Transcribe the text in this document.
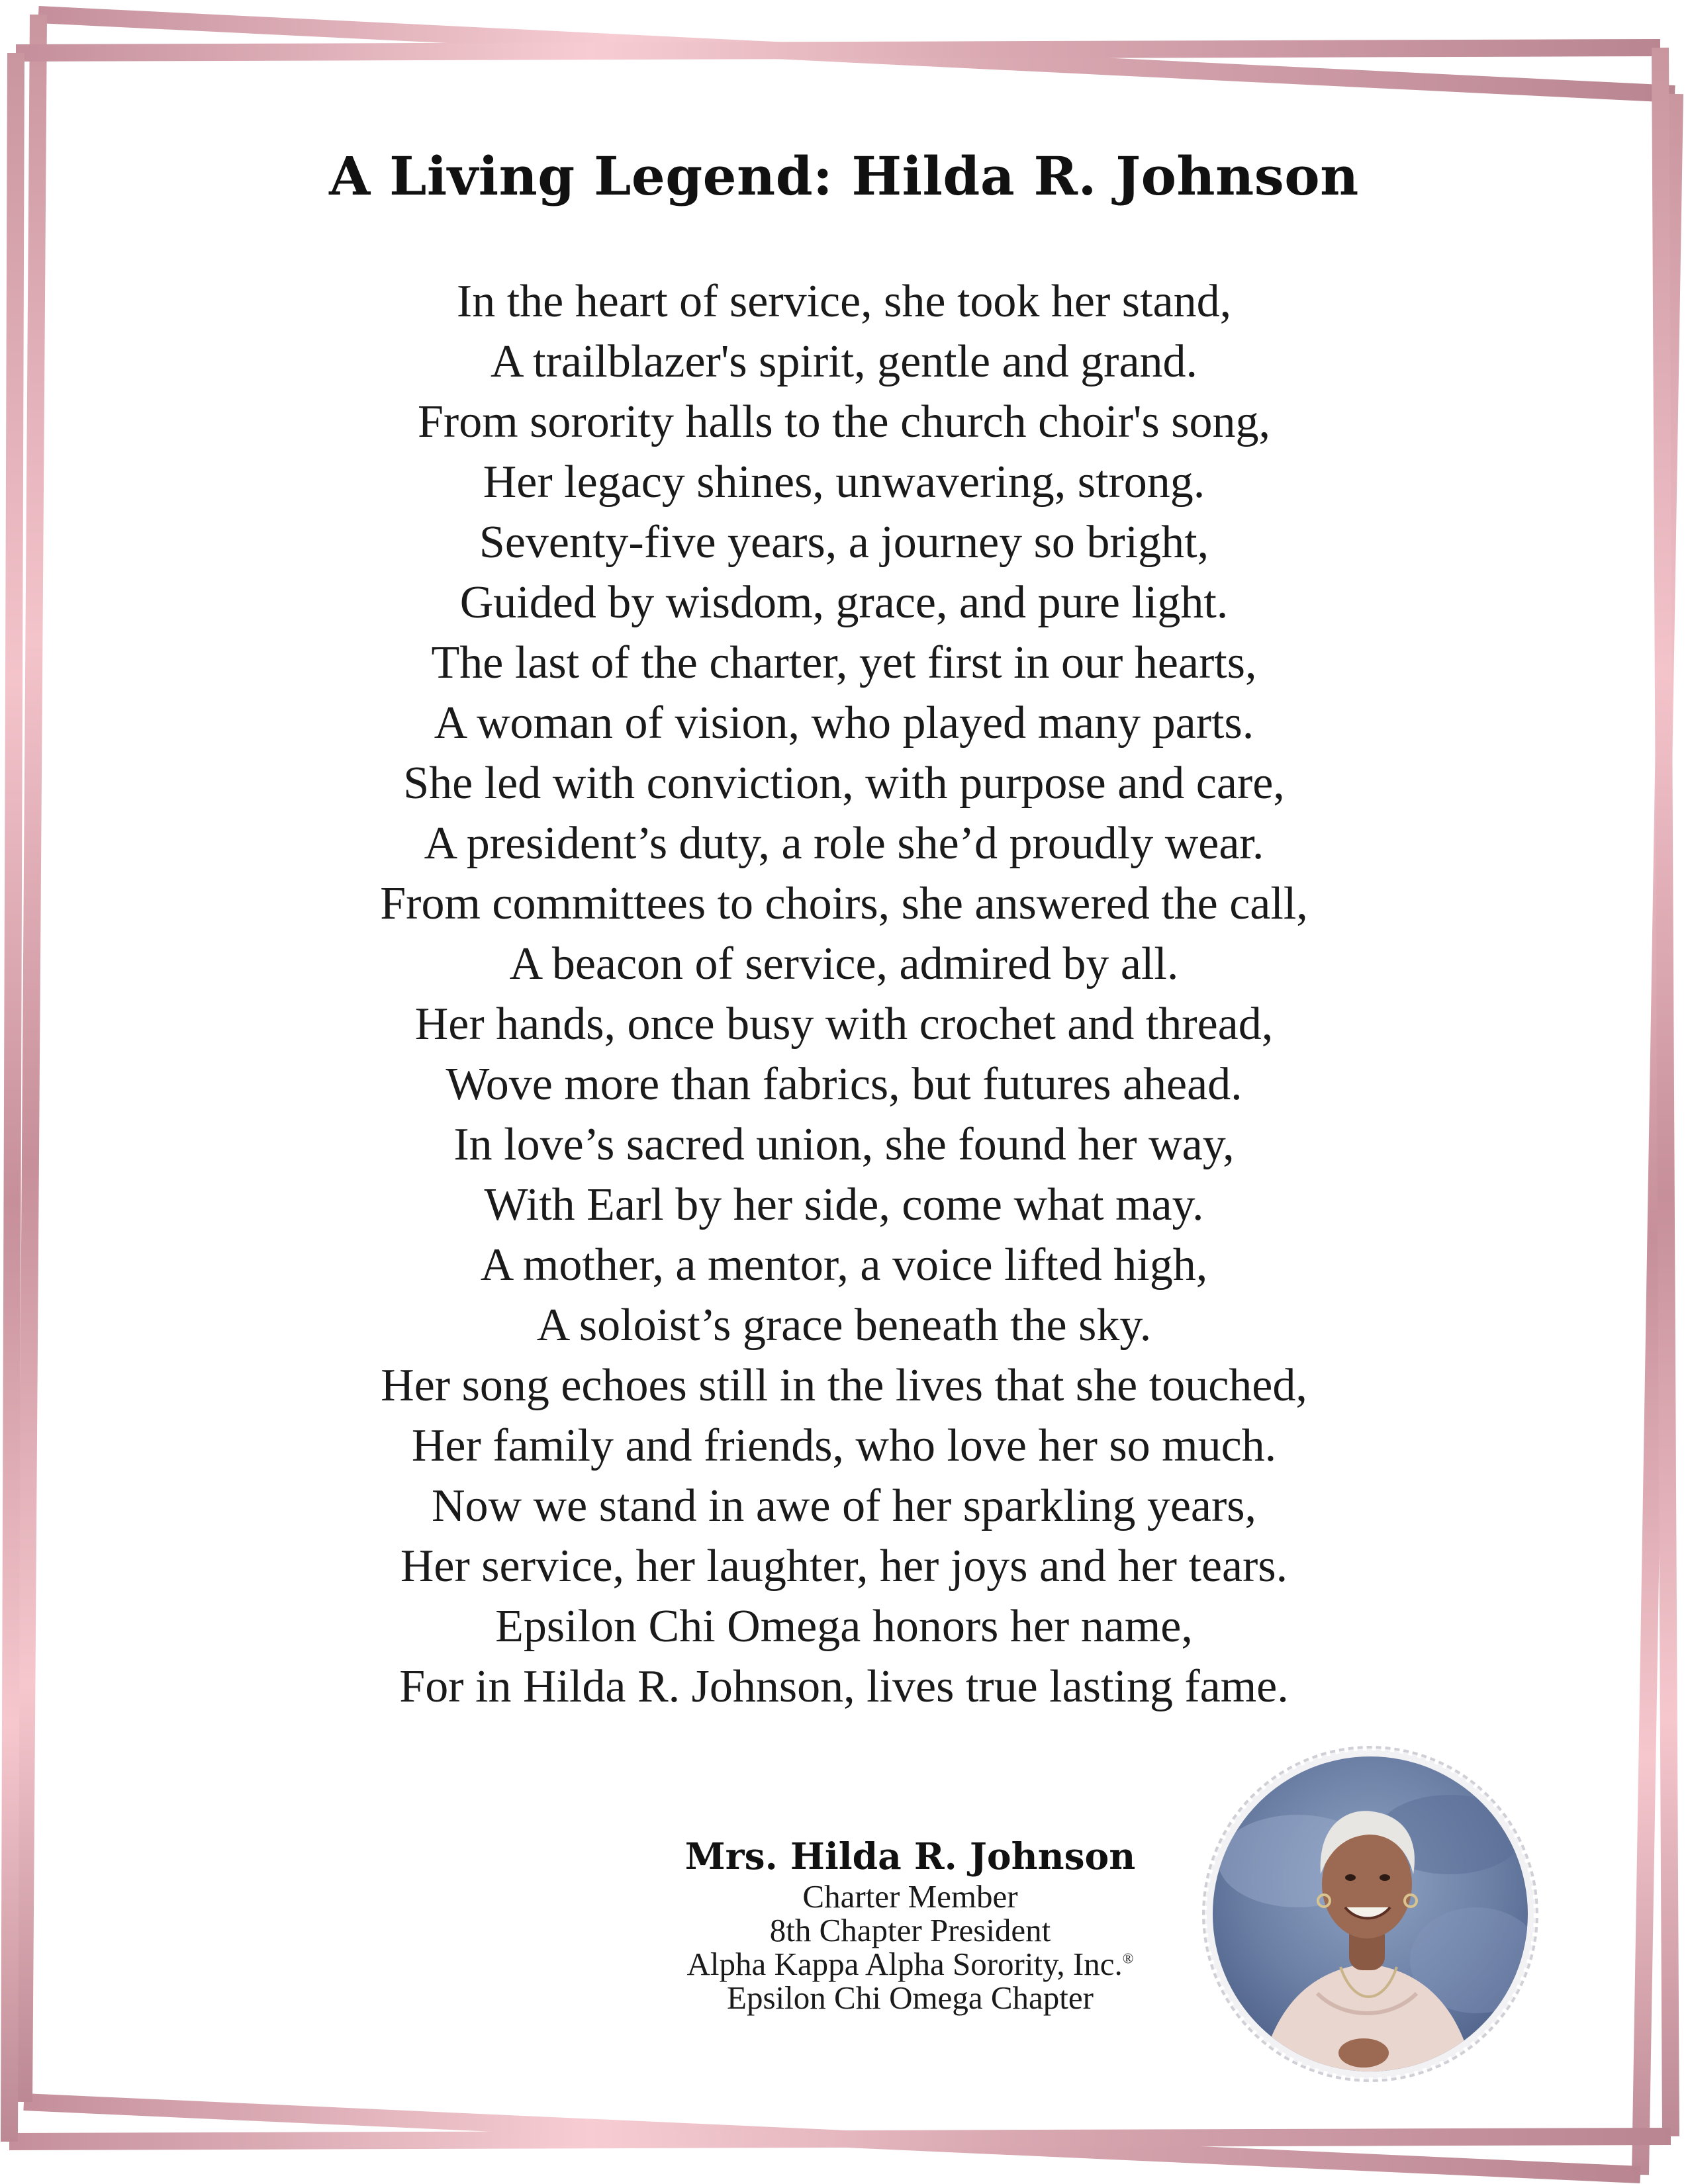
A Living Legend: Hilda R. Johnson
In the heart of service, she took her stand,
A trailblazer's spirit, gentle and grand.
From sorority halls to the church choir's song,
Her legacy shines, unwavering, strong.
Seventy-five years, a journey so bright,
Guided by wisdom, grace, and pure light.
The last of the charter, yet first in our hearts,
A woman of vision, who played many parts.
She led with conviction, with purpose and care,
A president’s duty, a role she’d proudly wear.
From committees to choirs, she answered the call,
A beacon of service, admired by all.
Her hands, once busy with crochet and thread,
Wove more than fabrics, but futures ahead.
In love’s sacred union, she found her way,
With Earl by her side, come what may.
A mother, a mentor, a voice lifted high,
A soloist’s grace beneath the sky.
Her song echoes still in the lives that she touched,
Her family and friends, who love her so much.
Now we stand in awe of her sparkling years,
Her service, her laughter, her joys and her tears.
Epsilon Chi Omega honors her name,
For in Hilda R. Johnson, lives true lasting fame.
Mrs. Hilda R. Johnson
Charter Member
8th Chapter President
Alpha Kappa Alpha Sorority, Inc.®
Epsilon Chi Omega Chapter
